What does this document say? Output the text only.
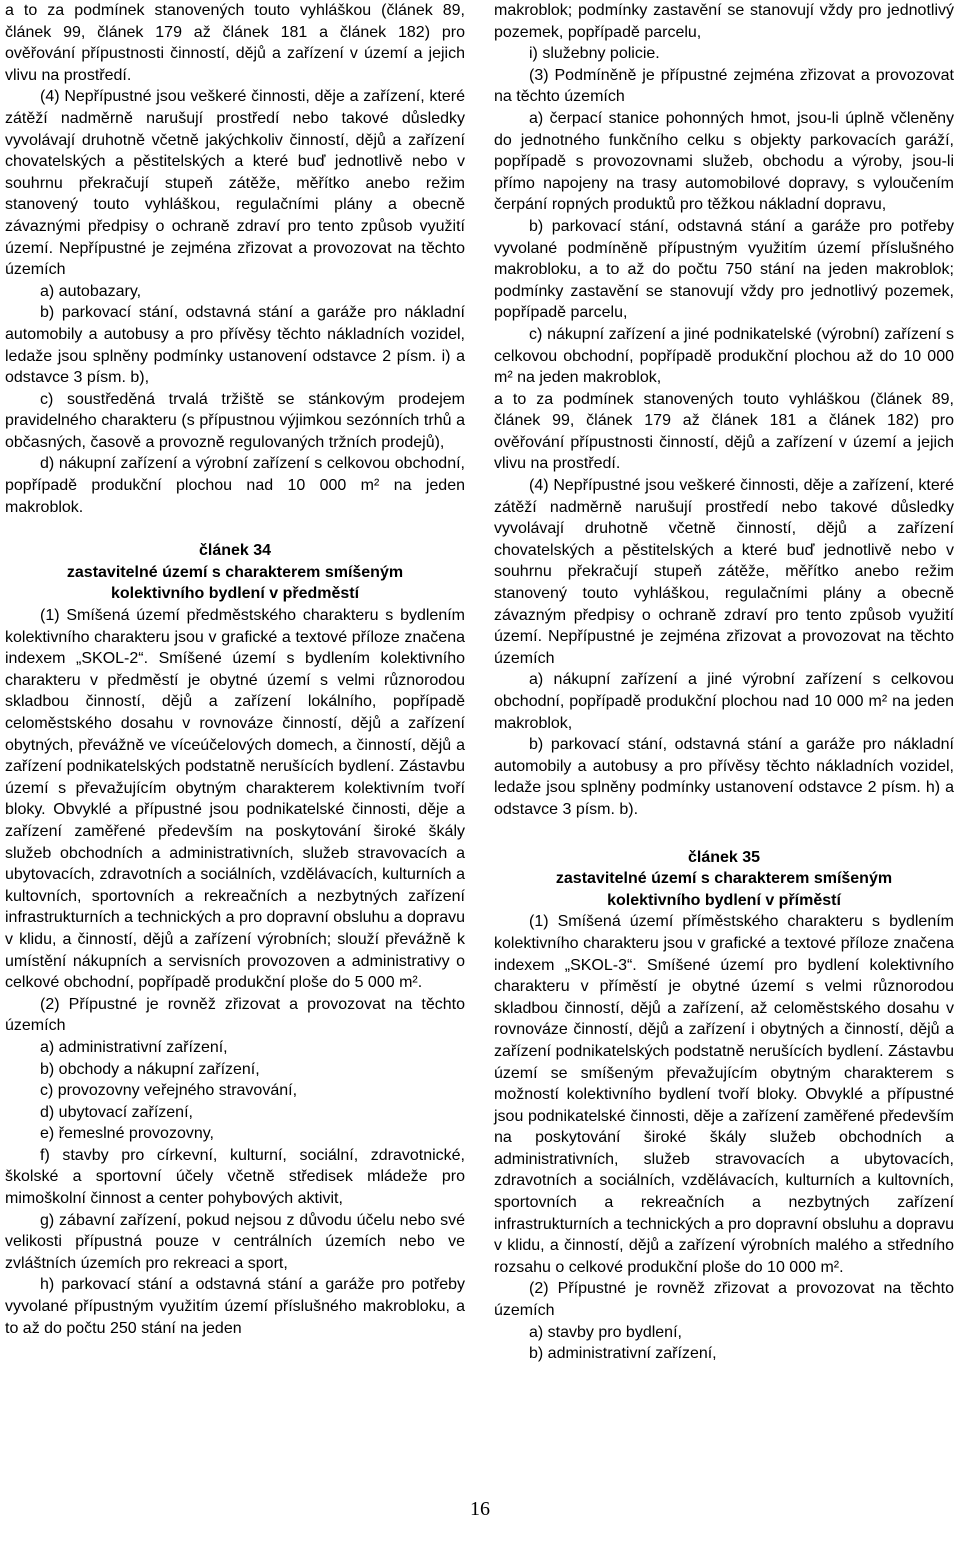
a to za podmínek stanovených touto vyhláškou (článek 89, článek 99, článek 179 až článek 181 a článek 182) pro ověřování přípustnosti činností, dějů a zařízení v území a jejich vlivu na prostředí.

(4) Nepřípustné jsou veškeré činnosti, děje a zařízení, které zátěží nadměrně narušují prostředí nebo takové důsledky vyvolávají druhotně včetně jakýchkoliv činností, dějů a zařízení chovatelských a pěstitelských a které buď jednotlivě nebo v souhrnu překračují stupeň zátěže, měřítko anebo režim stanovený touto vyhláškou, regulačními plány a obecně závaznými předpisy o ochraně zdraví pro tento způsob využití území. Nepřípustné je zejména zřizovat a provozovat na těchto územích

a) autobazary,

b) parkovací stání, odstavná stání a garáže pro nákladní automobily a autobusy a pro přívěsy těchto nákladních vozidel, ledaže jsou splněny podmínky ustanovení odstavce 2 písm. i) a odstavce 3 písm. b),

c) soustředěná trvalá tržiště se stánkovým prodejem pravidelného charakteru (s přípustnou výjimkou sezónních trhů a občasných, časově a provozně regulovaných tržních prodejů),

d) nákupní zařízení a výrobní zařízení s celkovou obchodní, popřípadě produkční plochou nad 10 000 m² na jeden makroblok.

článek 34

zastavitelné území s charakterem smíšeným

kolektivního bydlení v předměstí

(1) Smíšená území předměstského charakteru s bydlením kolektivního charakteru jsou v grafické a textové příloze značena indexem „SKOL-2“. Smíšené území s bydlením kolektivního charakteru v předměstí je obytné území s velmi různorodou skladbou činností, dějů a zařízení lokálního, popřípadě celoměstského dosahu v rovnováze činností, dějů a zařízení obytných, převážně ve víceúčelových domech, a činností, dějů a zařízení podnikatelských podstatně nerušících bydlení. Zástavbu území s převažujícím obytným charakterem kolektivním tvoří bloky. Obvyklé a přípustné jsou podnikatelské činnosti, děje a zařízení zaměřené především na poskytování široké škály služeb obchodních a administrativních, služeb stravovacích a ubytovacích, zdravotních a sociálních, vzdělávacích, kulturních a kultovních, sportovních a rekreačních a nezbytných zařízení infrastrukturních a technických a pro dopravní obsluhu a dopravu v klidu, a činností, dějů a zařízení výrobních; slouží převážně k umístění nákupních a servisních provozoven a administrativy o celkové obchodní, popřípadě produkční ploše do 5 000 m².

(2) Přípustné je rovněž zřizovat a provozovat na těchto územích

a) administrativní zařízení,

b) obchody a nákupní zařízení,

c) provozovny veřejného stravování,

d) ubytovací zařízení,

e) řemeslné provozovny,

f) stavby pro církevní, kulturní, sociální, zdravotnické, školské a sportovní účely včetně středisek mládeže pro mimoškolní činnost a center pohybových aktivit,

g) zábavní zařízení, pokud nejsou z důvodu účelu nebo své velikosti přípustná pouze v centrálních územích nebo ve zvláštních územích pro rekreaci a sport,

h) parkovací stání a odstavná stání a garáže pro potřeby vyvolané přípustným využitím území příslušného makrobloku, a to až do počtu 250 stání na jeden

makroblok; podmínky zastavění se stanovují vždy pro jednotlivý pozemek, popřípadě parcelu,

i) služebny policie.

(3) Podmíněně je přípustné zejména zřizovat a provozovat na těchto územích

a) čerpací stanice pohonných hmot, jsou-li úplně včleněny do jednotného funkčního celku s objekty parkovacích garáží, popřípadě s provozovnami služeb, obchodu a výroby, jsou-li přímo napojeny na trasy automobilové dopravy, s vyloučením čerpání ropných produktů pro těžkou nákladní dopravu,

b) parkovací stání, odstavná stání a garáže pro potřeby vyvolané podmíněně přípustným využitím území příslušného makrobloku, a to až do počtu 750 stání na jeden makroblok; podmínky zastavění se stanovují vždy pro jednotlivý pozemek, popřípadě parcelu,

c) nákupní zařízení a jiné podnikatelské (výrobní) zařízení s celkovou obchodní, popřípadě produkční plochou až do 10 000 m² na jeden makroblok,

a to za podmínek stanovených touto vyhláškou (článek 89, článek 99, článek 179 až článek 181 a článek 182) pro ověřování přípustnosti činností, dějů a zařízení v území a jejich vlivu na prostředí.

(4) Nepřípustné jsou veškeré činnosti, děje a zařízení, které zátěží nadměrně narušují prostředí nebo takové důsledky vyvolávají druhotně včetně činností, dějů a zařízení chovatelských a pěstitelských a které buď jednotlivě nebo v souhrnu překračují stupeň zátěže, měřítko anebo režim stanovený touto vyhláškou, regulačními plány a obecně závazným předpisy o ochraně zdraví pro tento způsob využití území. Nepřípustné je zejména zřizovat a provozovat na těchto územích

a) nákupní zařízení a jiné výrobní zařízení s celkovou obchodní, popřípadě produkční plochou nad 10 000 m² na jeden makroblok,

b) parkovací stání, odstavná stání a garáže pro nákladní automobily a autobusy a pro přívěsy těchto nákladních vozidel, ledaže jsou splněny podmínky ustanovení odstavce 2 písm. h) a odstavce 3 písm. b).

článek 35

zastavitelné území s charakterem smíšeným

kolektivního bydlení v příměstí

(1) Smíšená území příměstského charakteru s bydlením kolektivního charakteru jsou v grafické a textové příloze značena indexem „SKOL-3“. Smíšené území pro bydlení kolektivního charakteru v příměstí je obytné území s velmi různorodou skladbou činností, dějů a zařízení, až celoměstského dosahu v rovnováze činností, dějů a zařízení i obytných a činností, dějů a zařízení podnikatelských podstatně nerušících bydlení. Zástavbu území se smíšeným převažujícím obytným charakterem s možností kolektivního bydlení tvoří bloky. Obvyklé a přípustné jsou podnikatelské činnosti, děje a zařízení zaměřené především na poskytování široké škály služeb obchodních a administrativních, služeb stravovacích a ubytovacích, zdravotních a sociálních, vzdělávacích, kulturních a kultovních, sportovních a rekreačních a nezbytných zařízení infrastrukturních a technických a pro dopravní obsluhu a dopravu v klidu, a činností, dějů a zařízení výrobních malého a středního rozsahu o celkové produkční ploše do 10 000 m².

(2) Přípustné je rovněž zřizovat a provozovat na těchto územích

a) stavby pro bydlení,

b) administrativní zařízení,

16
